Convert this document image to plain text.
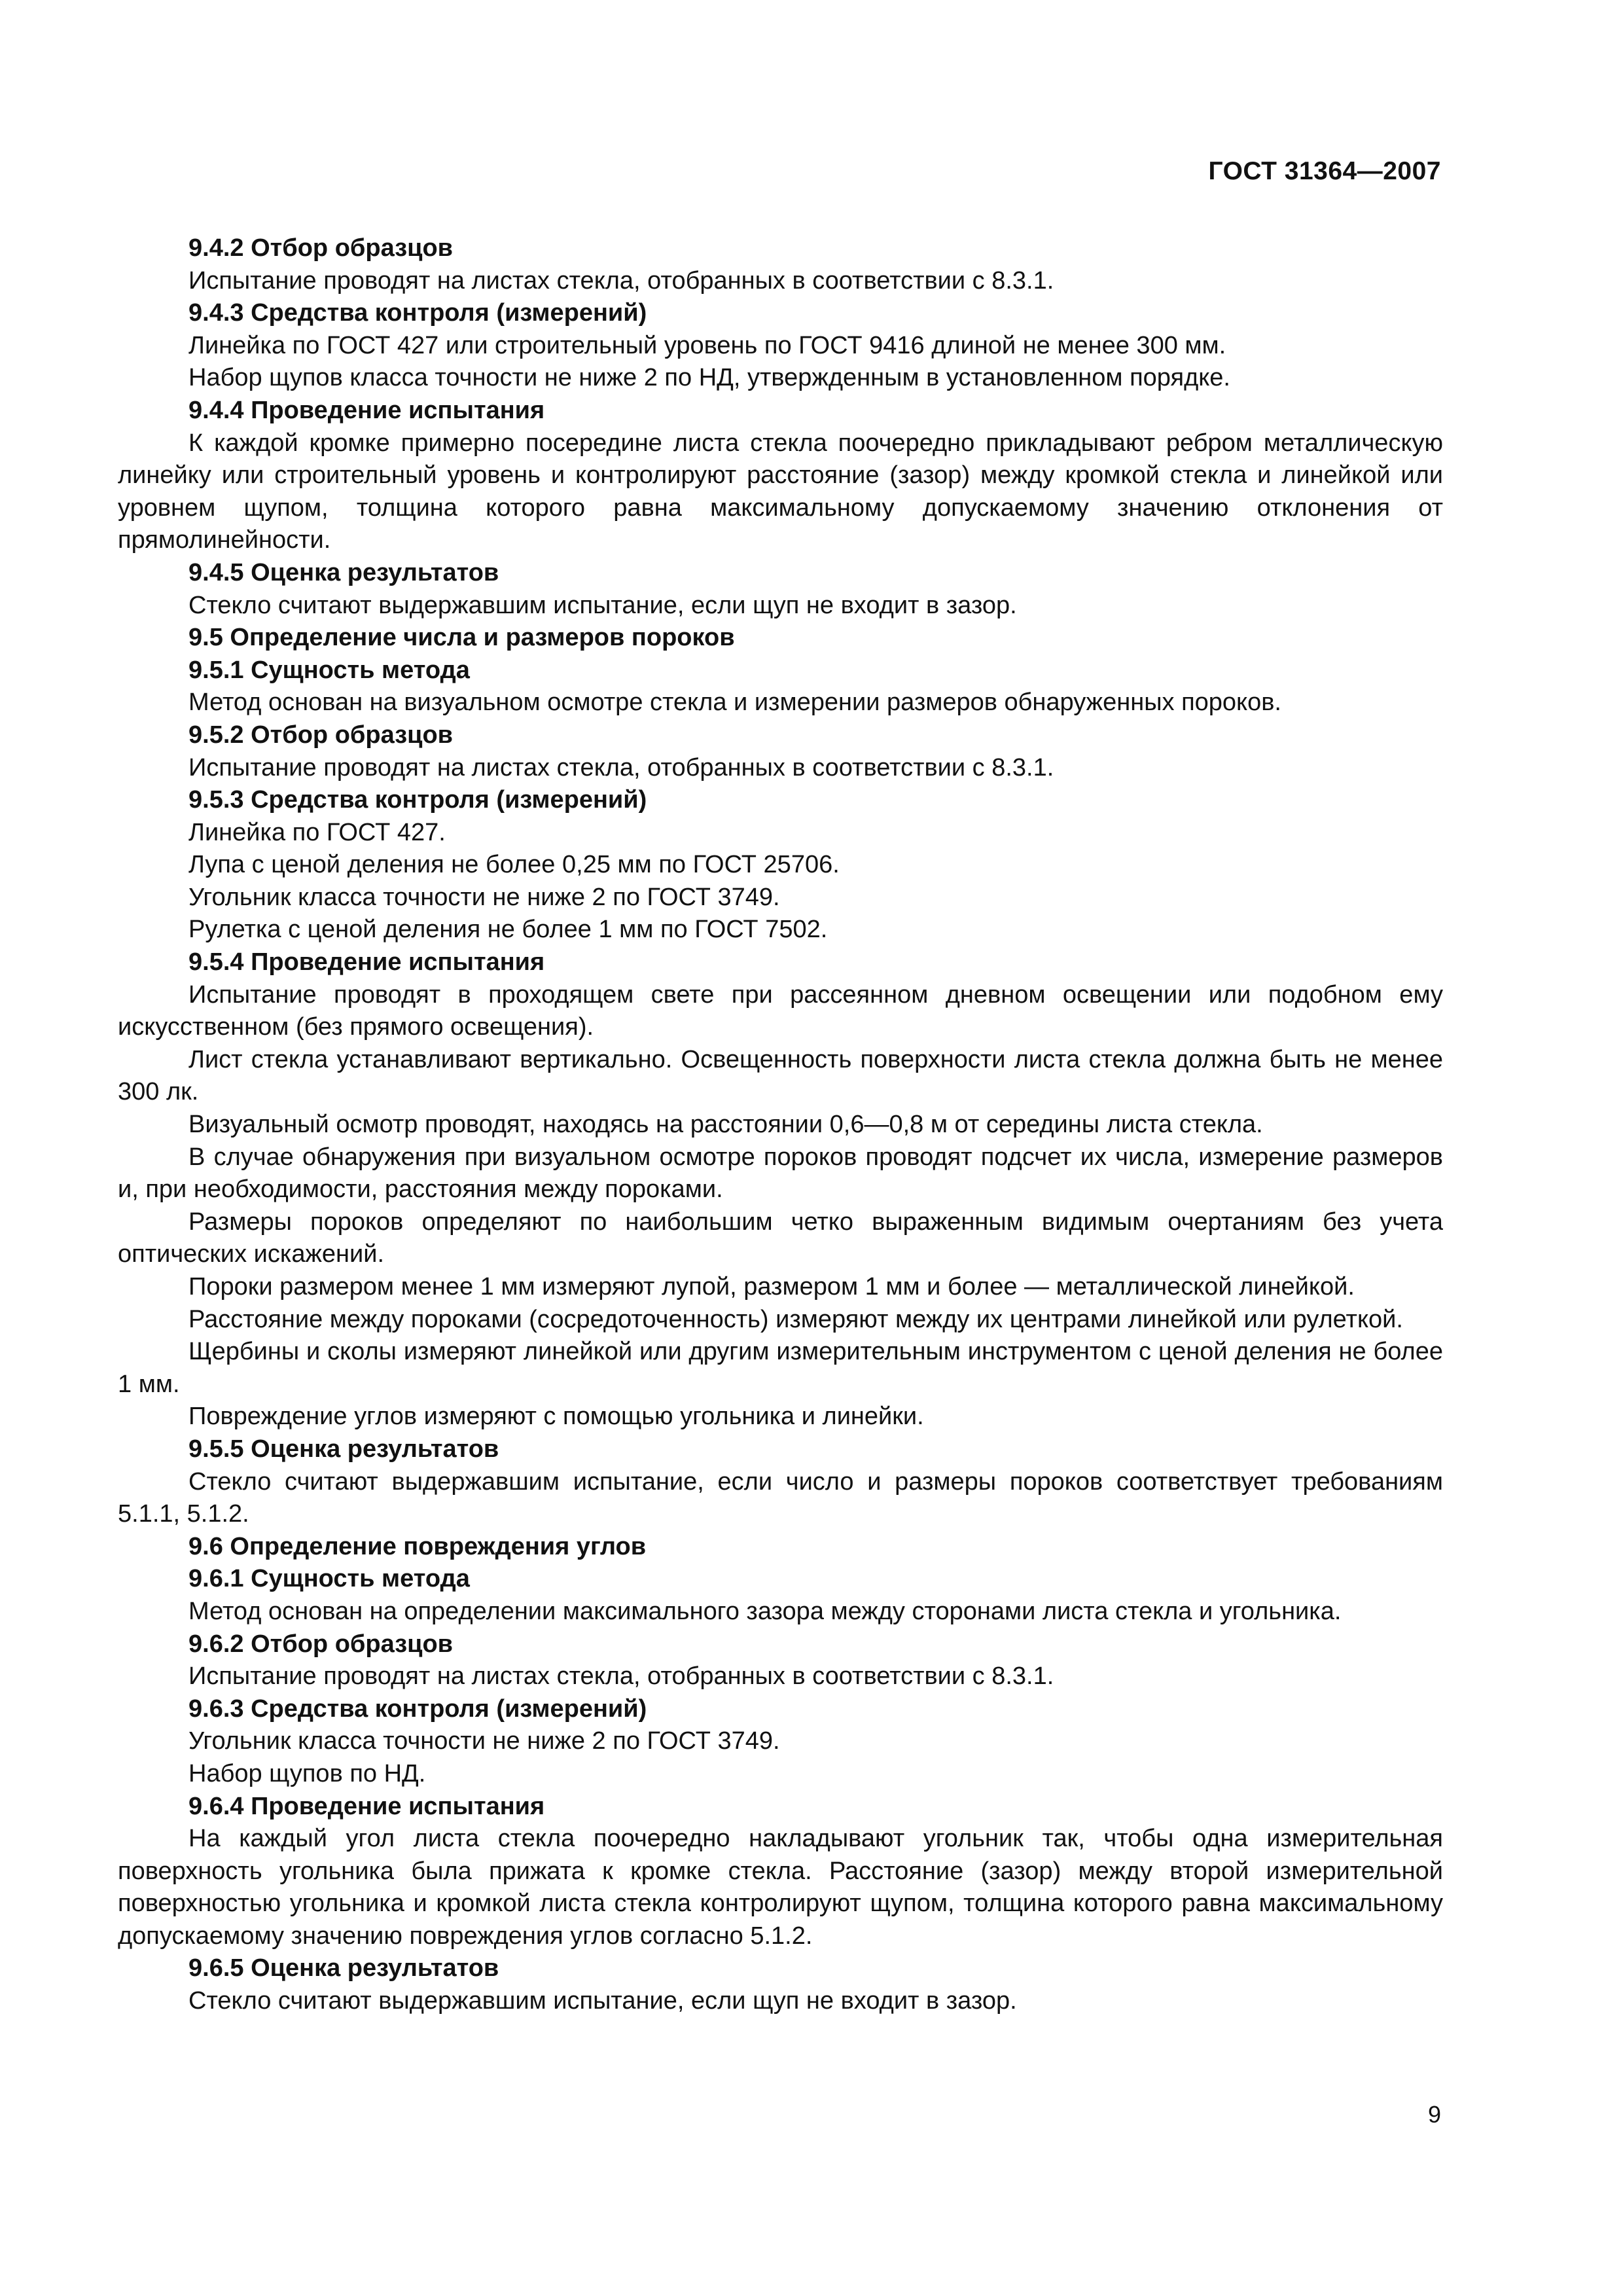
ГОСТ 31364—2007

9.4.2 Отбор образцов

Испытание проводят на листах стекла, отобранных в соответствии с 8.3.1.

9.4.3 Средства контроля (измерений)

Линейка по ГОСТ 427 или строительный уровень по ГОСТ 9416 длиной не менее 300 мм.

Набор щупов класса точности не ниже 2 по НД, утвержденным в установленном порядке.

9.4.4 Проведение испытания

К каждой кромке примерно посередине листа стекла поочередно прикладывают ребром металлическую линейку или строительный уровень и контролируют расстояние (зазор) между кромкой стекла и линейкой или уровнем щупом, толщина которого равна максимальному допускаемому значению отклонения от прямолинейности.

9.4.5 Оценка результатов

Стекло считают выдержавшим испытание, если щуп не входит в зазор.

9.5 Определение числа и размеров пороков

9.5.1 Сущность метода

Метод основан на визуальном осмотре стекла и измерении размеров обнаруженных пороков.

9.5.2 Отбор образцов

Испытание проводят на листах стекла, отобранных в соответствии с 8.3.1.

9.5.3 Средства контроля (измерений)

Линейка по ГОСТ 427.

Лупа с ценой деления не более 0,25 мм по ГОСТ 25706.

Угольник класса точности не ниже 2 по ГОСТ 3749.

Рулетка с ценой деления не более 1 мм по ГОСТ 7502.

9.5.4 Проведение испытания

Испытание проводят в проходящем свете при рассеянном дневном освещении или подобном ему искусственном (без прямого освещения).

Лист стекла устанавливают вертикально. Освещенность поверхности листа стекла должна быть не менее 300 лк.

Визуальный осмотр проводят, находясь на расстоянии 0,6—0,8 м от середины листа стекла.

В случае обнаружения при визуальном осмотре пороков проводят подсчет их числа, измерение размеров и, при необходимости, расстояния между пороками.

Размеры пороков определяют по наибольшим четко выраженным видимым очертаниям без учета оптических искажений.

Пороки размером менее 1 мм измеряют лупой, размером 1 мм и более — металлической линейкой.

Расстояние между пороками (сосредоточенность) измеряют между их центрами линейкой или рулеткой.

Щербины и сколы измеряют линейкой или другим измерительным инструментом с ценой деления не более 1 мм.

Повреждение углов измеряют с помощью угольника и линейки.

9.5.5 Оценка результатов

Стекло считают выдержавшим испытание, если число и размеры пороков соответствует требованиям 5.1.1, 5.1.2.

9.6 Определение повреждения углов

9.6.1 Сущность метода

Метод основан на определении максимального зазора между сторонами листа стекла и угольника.

9.6.2 Отбор образцов

Испытание проводят на листах стекла, отобранных в соответствии с 8.3.1.

9.6.3 Средства контроля (измерений)

Угольник класса точности не ниже 2 по ГОСТ 3749.

Набор щупов по НД.

9.6.4 Проведение испытания

На каждый угол листа стекла поочередно накладывают угольник так, чтобы одна измерительная поверхность угольника была прижата к кромке стекла. Расстояние (зазор) между второй измерительной поверхностью угольника и кромкой листа стекла контролируют щупом, толщина которого равна максимальному допускаемому значению повреждения углов согласно 5.1.2.

9.6.5 Оценка результатов

Стекло считают выдержавшим испытание, если щуп не входит в зазор.

9
